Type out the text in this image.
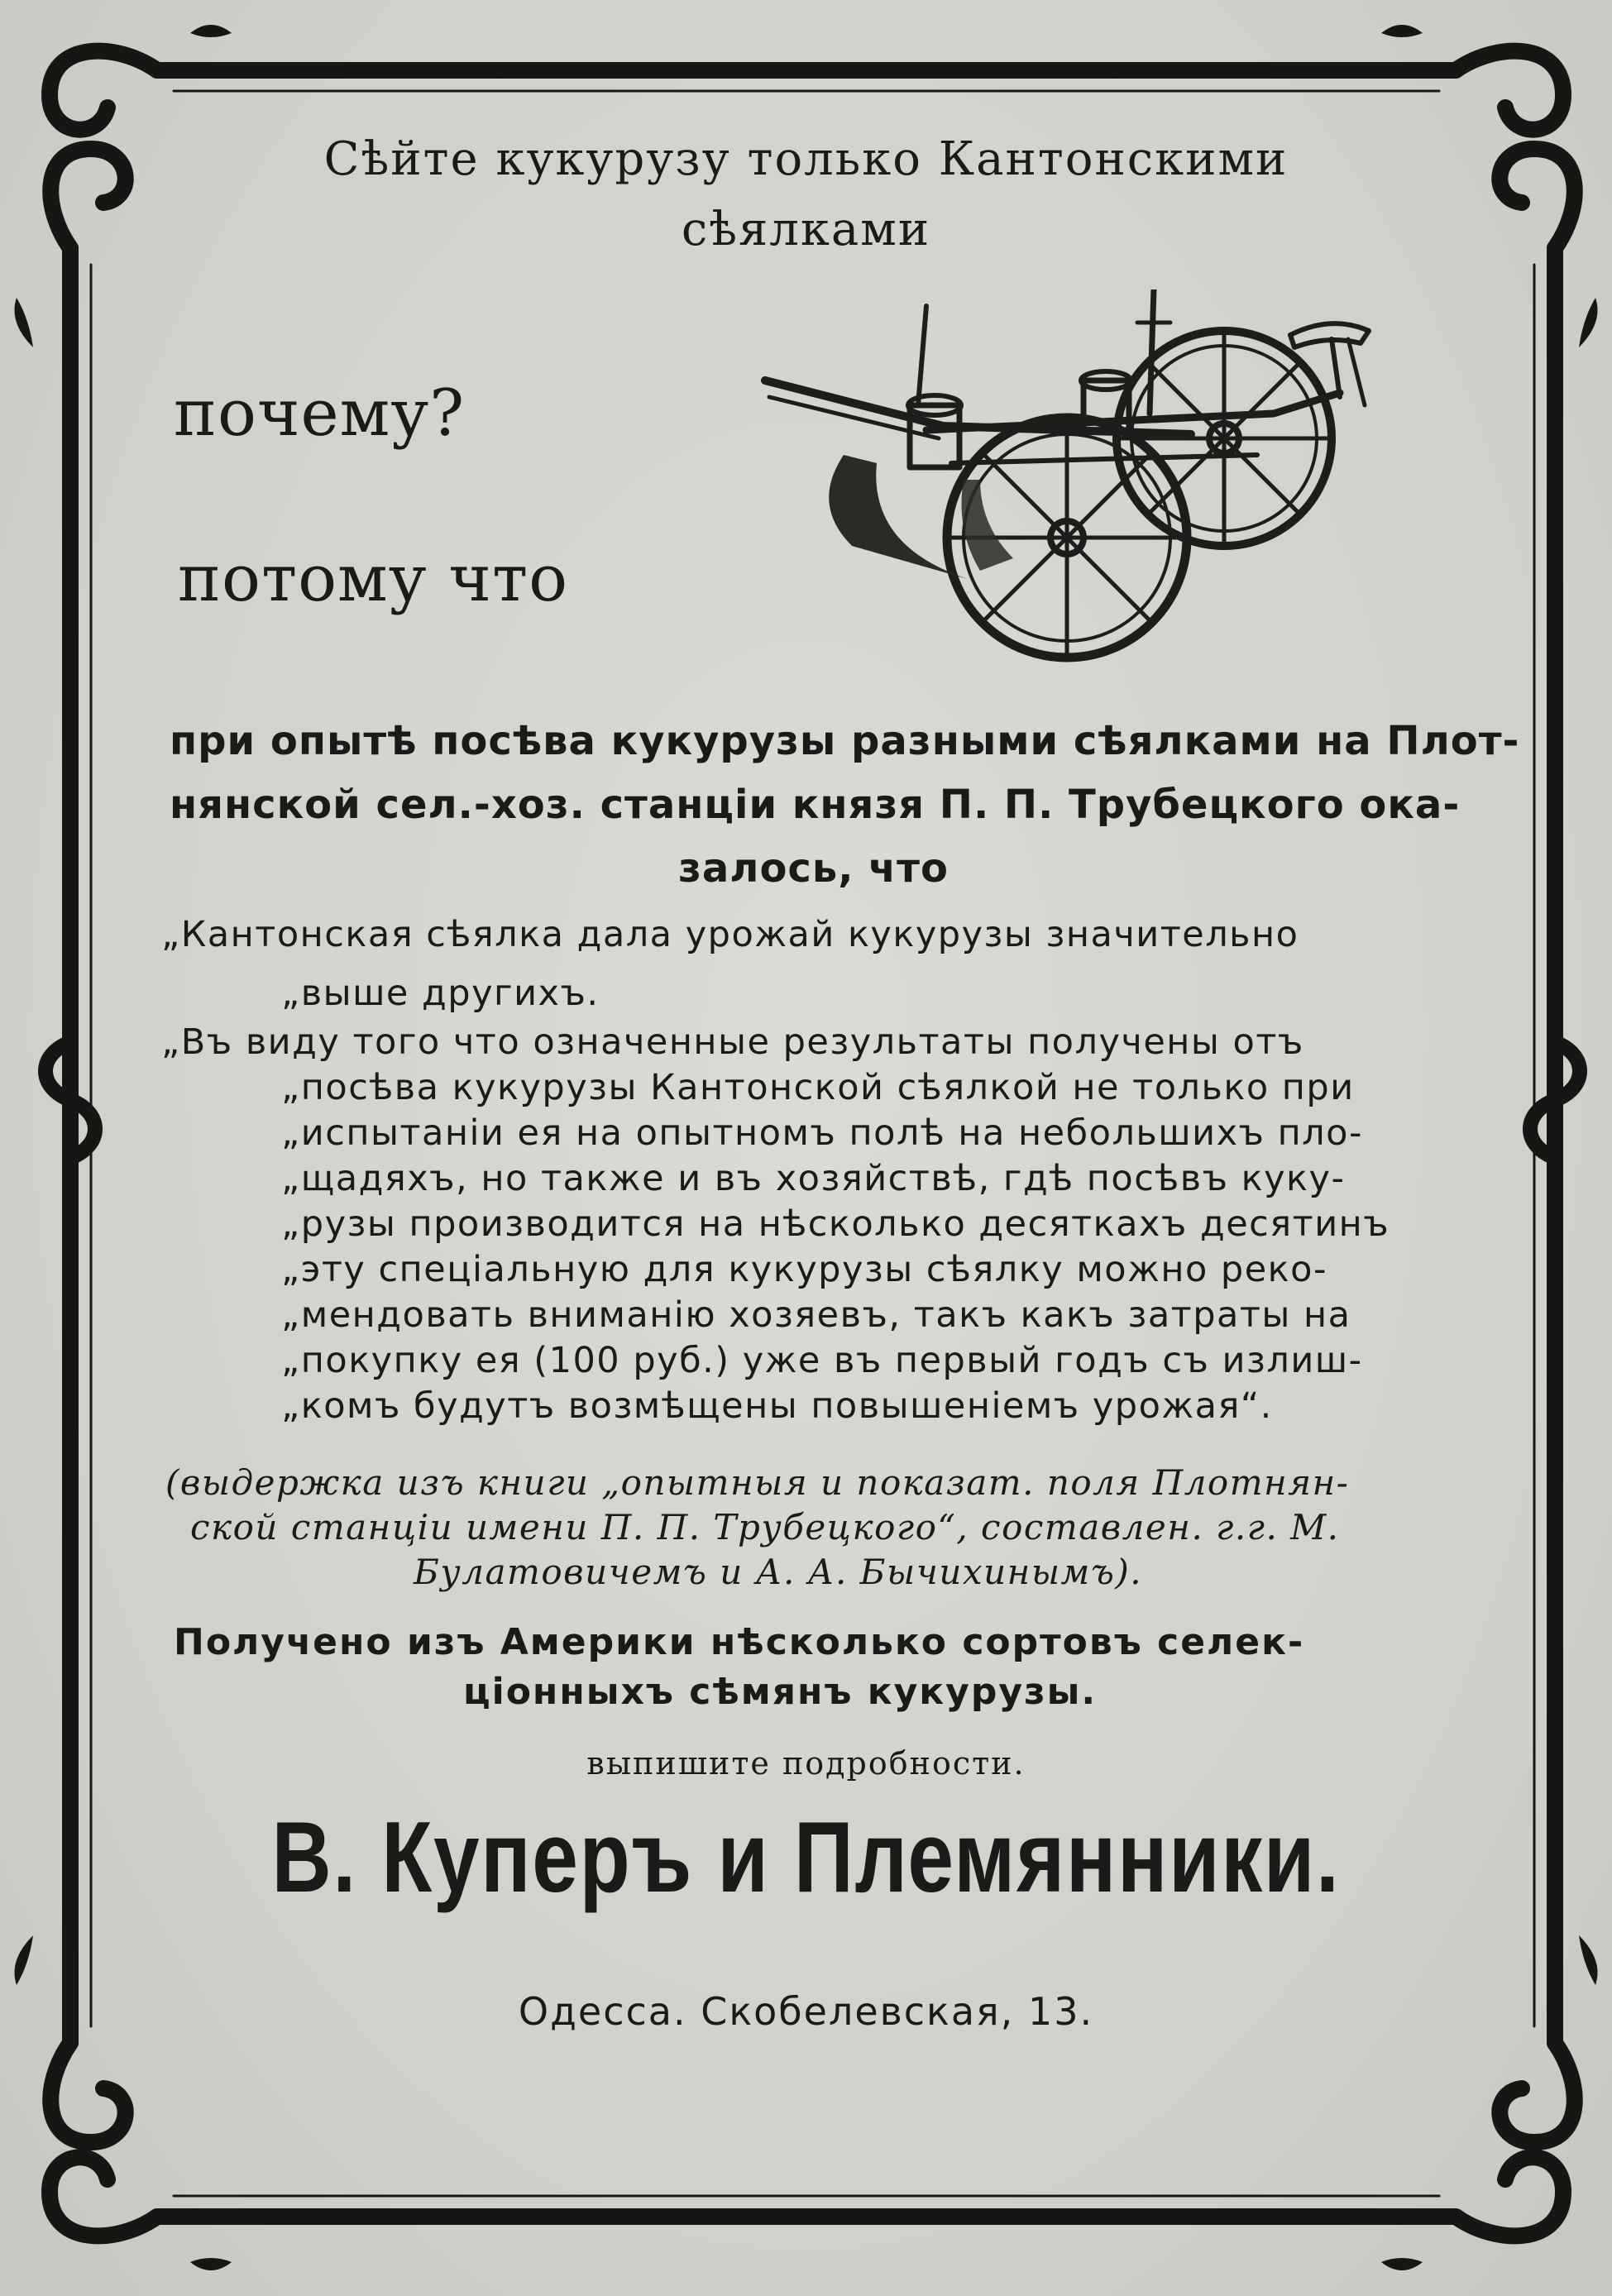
Сѣйте кукурузу только Кантонскими

сѣялками

почему?

потому что

при опытѣ посѣва кукурузы разными сѣялками на Плот-

нянской сел.-хоз. станціи князя П. П. Трубецкого ока-

залось, что

„Кантонская сѣялка дала урожай кукурузы значительно

„выше другихъ.

„Въ виду того что означенные результаты получены отъ

„посѣва кукурузы Кантонской сѣялкой не только при

„испытаніи ея на опытномъ полѣ на небольшихъ пло-

„щадяхъ, но также и въ хозяйствѣ, гдѣ посѣвъ куку-

„рузы производится на нѣсколько десяткахъ десятинъ

„эту спеціальную для кукурузы сѣялку можно реко-

„мендовать вниманію хозяевъ, такъ какъ затраты на

„покупку ея (100 руб.) уже въ первый годъ съ излиш-

„комъ будутъ возмѣщены повышеніемъ урожая“.

(выдержка изъ книги „опытныя и показат. поля Плотнян-

ской станціи имени П. П. Трубецкого“, составлен. г.г. М.

Булатовичемъ и А. А. Бычихинымъ).

Получено изъ Америки нѣсколько сортовъ селек-

ціонныхъ сѣмянъ кукурузы.

выпишите подробности.

В. Куперъ и Племянники.

Одесса. Скобелевская, 13.
